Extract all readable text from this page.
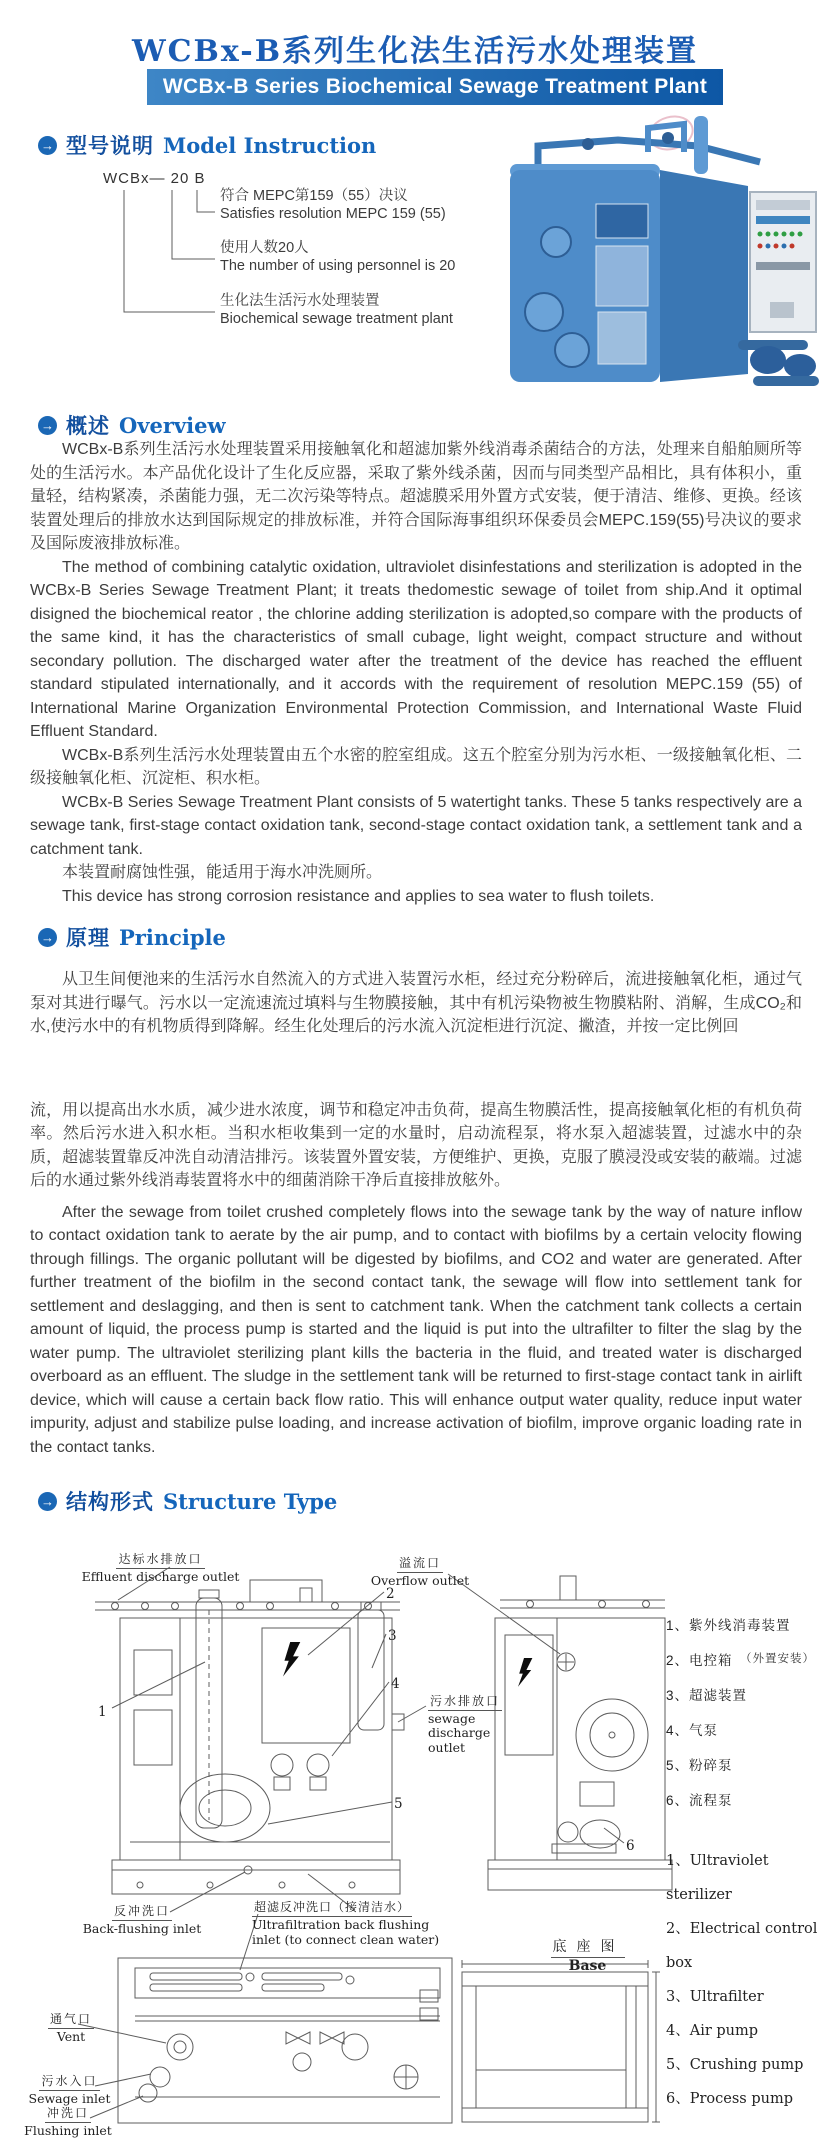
WCBx-B系列生化法生活污水处理装置
WCBx-B Series Biochemical Sewage Treatment Plant
→ 型号说明 Model Instruction
WCBx— 20 B
符合 MEPC第159（55）决议
Satisfies resolution MEPC 159 (55)
使用人数20人
The number of using personnel is 20
生化法生活污水处理装置
Biochemical sewage treatment plant
→ 概述 Overview

WCBx-B系列生活污水处理装置采用接触氧化和超滤加紫外线消毒杀菌结合的方法，处理来自船舶厕所等处的生活污水。本产品优化设计了生化反应器，采取了紫外线杀菌，因而与同类型产品相比，具有体积小，重量轻，结构紧凑，杀菌能力强，无二次污染等特点。超滤膜采用外置方式安装，便于清洁、维修、更换。经该装置处理后的排放水达到国际规定的排放标准，并符合国际海事组织环保委员会MEPC.159(55)号决议的要求及国际废液排放标准。

The method of combining catalytic oxidation, ultraviolet disinfestations and sterilization is adopted in the WCBx-B Series Sewage Treatment Plant; it treats thedomestic sewage of toilet from ship.And it optimal disigned the biochemical reator , the chlorine adding sterilization is adopted,so compare with the products of the same kind, it has the characteristics of small cubage, light weight, compact structure and without secondary pollution. The discharged water after the treatment of the device has reached the effluent standard stipulated internationally, and it accords with the requirement of resolution MEPC.159 (55) of International Marine Organization Environmental Protection Commission, and International Waste Fluid Effluent Standard.

WCBx-B系列生活污水处理装置由五个水密的腔室组成。这五个腔室分别为污水柜、一级接触氧化柜、二级接触氧化柜、沉淀柜、积水柜。

WCBx-B Series Sewage Treatment Plant consists of 5 watertight tanks. These 5 tanks respectively are a sewage tank, first-stage contact oxidation tank, second-stage contact oxidation tank, a settlement tank and a catchment tank.

本装置耐腐蚀性强，能适用于海水冲洗厕所。

This device has strong corrosion resistance and applies to sea water to flush toilets.

→ 原理 Principle

从卫生间便池来的生活污水自然流入的方式进入装置污水柜，经过充分粉碎后，流进接触氧化柜，通过气泵对其进行曝气。污水以一定流速流过填料与生物膜接触，其中有机污染物被生物膜粘附、消解，生成CO₂和水,使污水中的有机物质得到降解。经生化处理后的污水流入沉淀柜进行沉淀、撇渣，并按一定比例回

流，用以提高出水水质，减少进水浓度，调节和稳定冲击负荷，提高生物膜活性，提高接触氧化柜的有机负荷率。然后污水进入积水柜。当积水柜收集到一定的水量时，启动流程泵，将水泵入超滤装置，过滤水中的杂质，超滤装置靠反冲洗自动清洁排污。该装置外置安装，方便维护、更换，克服了膜浸没或安装的蔽端。过滤后的水通过紫外线消毒装置将水中的细菌消除干净后直接排放舷外。

After the sewage from toilet crushed completely flows into the sewage tank by the way of nature inflow to contact oxidation tank to aerate by the air pump, and to contact with biofilms by a certain velocity flowing through fillings. The organic pollutant will be digested by biofilms, and CO2 and water are generated. After further treatment of the biofilm in the second contact tank, the sewage will flow into settlement tank for settlement and deslagging, and then is sent to catchment tank. When the catchment tank collects a certain amount of liquid, the process pump is started and the liquid is put into the ultrafilter to filter the slag by the water pump. The ultraviolet sterilizing plant kills the bacteria in the fluid, and treated water is discharged overboard as an effluent. The sludge in the settlement tank will be returned to first-stage contact tank in airlift device, which will cause a certain back flow ratio. This will enhance output water quality, reduce input water impurity, adjust and stabilize pulse loading, and increase activation of biofilm, improve organic loading rate in the contact tanks.

→ 结构形式 Structure Type
达标水排放口
Effluent discharge outlet
溢流口
Overflow outlet
污水排放口
sewage discharge
outlet
反冲洗口
Back-flushing inlet
超滤反冲洗口（接清洁水）
Ultrafiltration back flushing
inlet (to connect clean water)	底座图
Base
通气口
Vent
污水入口
Sewage inlet
冲洗口
Flushing inlet
1
2
3
4
5
6
1、紫外线消毒装置
2、电控箱
3、超滤装置
4、气泵
5、粉碎泵
6、流程泵
（外置安装）
1、Ultraviolet sterilizer
2、Electrical control box
3、Ultrafilter
4、Air pump
5、Crushing pump
6、Process pump
